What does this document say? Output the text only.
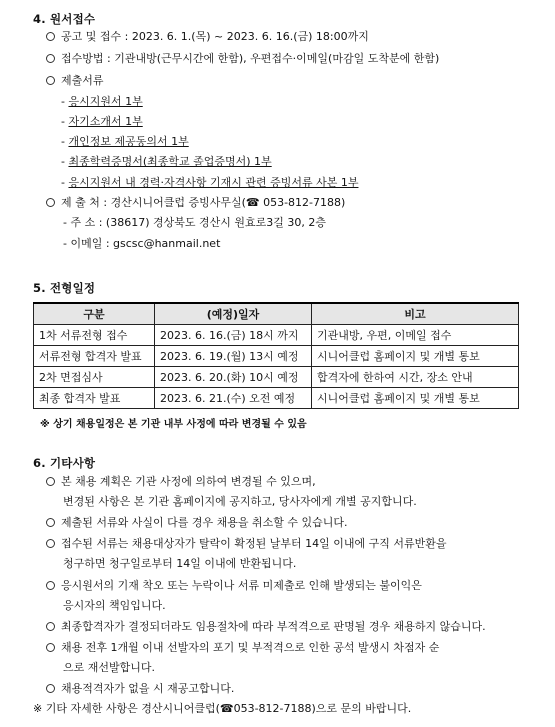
4. 원서접수
공고 및 접수 : 2023. 6. 1.(목) ~ 2023. 6. 16.(금) 18:00까지
접수방법 : 기관내방(근무시간에 한함), 우편접수·이메일(마감일 도착분에 한함)
제출서류
- 응시지원서 1부
- 자기소개서 1부
- 개인정보 제공동의서 1부
- 최종학력증명서(최종학교 졸업증명서) 1부
- 응시지원서 내 경력·자격사항 기재시 관련 증빙서류 사본 1부
제 출 처 : 경산시니어클럽 증빙사무실(☎ 053-812-7188)
- 주 소 : (38617) 경상북도 경산시 원효로3길 30, 2층
- 이메일 : gscsc@hanmail.net
5. 전형일정
구분	(예정)일자	비고
1차 서류전형 접수	2023. 6. 16.(금) 18시 까지	기관내방, 우편, 이메일 접수
서류전형 합격자 발표	2023. 6. 19.(월) 13시 예정	시니어클럽 홈페이지 및 개별 통보
2차 면접심사	2023. 6. 20.(화) 10시 예정	합격자에 한하여 시간, 장소 안내
최종 합격자 발표	2023. 6. 21.(수) 오전 예정	시니어클럽 홈페이지 및 개별 통보
※ 상기 채용일정은 본 기관 내부 사정에 따라 변경될 수 있음
6. 기타사항
본 채용 계획은 기관 사정에 의하여 변경될 수 있으며,
변경된 사항은 본 기관 홈페이지에 공지하고, 당사자에게 개별 공지합니다.
제출된 서류와 사실이 다를 경우 채용을 취소할 수 있습니다.
접수된 서류는 채용대상자가 탈락이 확정된 날부터 14일 이내에 구직 서류반환을
청구하면 청구일로부터 14일 이내에 반환됩니다.
응시원서의 기재 착오 또는 누락이나 서류 미제출로 인해 발생되는 불이익은
응시자의 책임입니다.
최종합격자가 결정되더라도 임용절차에 따라 부적격으로 판명될 경우 채용하지 않습니다.
채용 전후 1개월 이내 선발자의 포기 및 부적격으로 인한 공석 발생시 차점자 순
으로 재선발합니다.
채용적격자가 없을 시 재공고합니다.
※ 기타 자세한 사항은 경산시니어클럽(☎053-812-7188)으로 문의 바랍니다.
